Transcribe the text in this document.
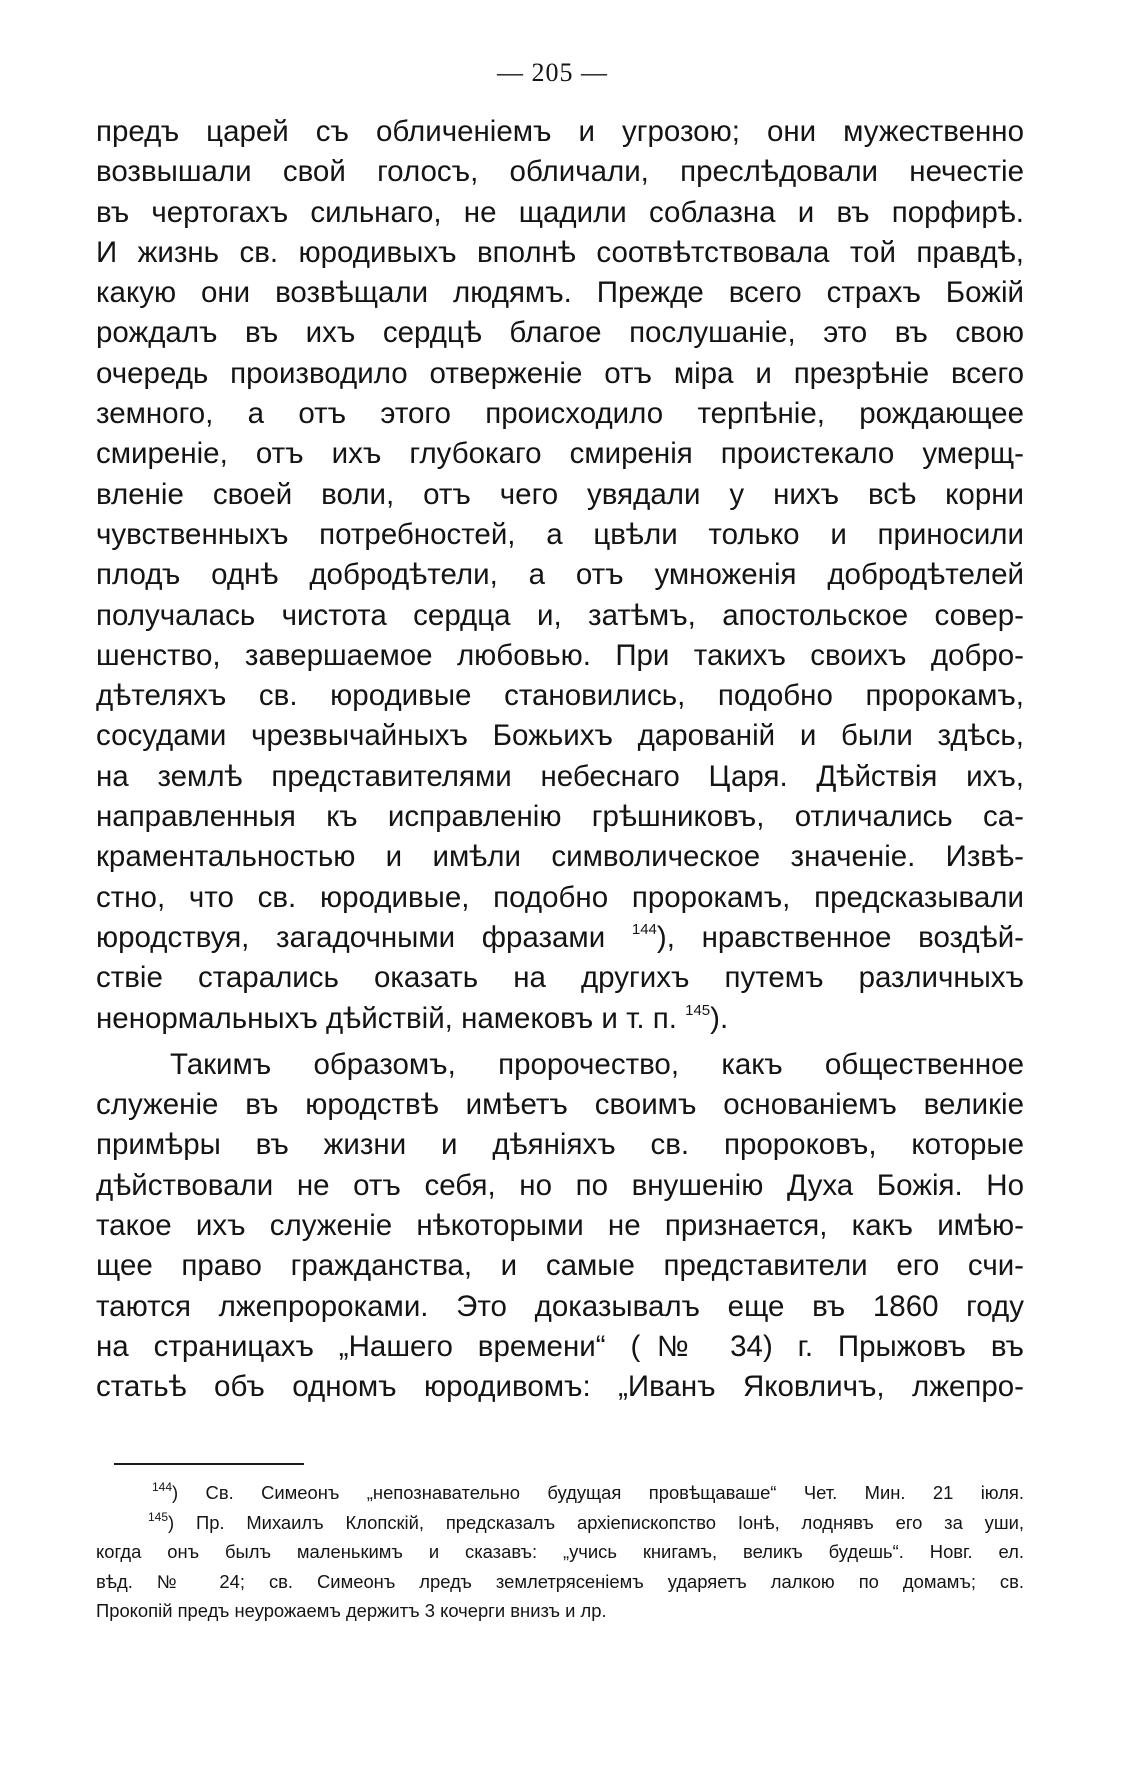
— 205 —
предъ царей съ обличеніемъ и угрозою; они мужественно
возвышали свой голосъ, обличали, преслѣдовали нечестіе
въ чертогахъ сильнаго, не щадили соблазна и въ порфирѣ.
И жизнь св. юродивыхъ вполнѣ соотвѣтствовала той правдѣ,
какую они возвѣщали людямъ. Прежде всего страхъ Божій
рождалъ въ ихъ сердцѣ благое послушаніе, это въ свою
очередь производило отверженіе отъ міра и презрѣніе всего
земного, а отъ этого происходило терпѣніе, рождающее
смиреніе, отъ ихъ глубокаго смиренія проистекало умерщ-
вленіе своей воли, отъ чего увядали у нихъ всѣ корни
чувственныхъ потребностей, а цвѣли только и приносили
плодъ однѣ добродѣтели, а отъ умноженія добродѣтелей
получалась чистота сердца и, затѣмъ, апостольское совер-
шенство, завершаемое любовью. При такихъ своихъ добро-
дѣтеляхъ св. юродивые становились, подобно пророкамъ,
сосудами чрезвычайныхъ Божьихъ дарованій и были здѣсь,
на землѣ представителями небеснаго Царя. Дѣйствія ихъ,
направленныя къ исправленію грѣшниковъ, отличались са-
краментальностью и имѣли символическое значеніе. Извѣ-
стно, что св. юродивые, подобно пророкамъ, предсказывали
юродствуя, загадочными фразами $^{144}$), нравственное воздѣй-
ствіе старались оказать на другихъ путемъ различныхъ
ненормальныхъ дѣйствій, намековъ и т. п. $^{145}$).
Такимъ образомъ, пророчество, какъ общественное
служеніе въ юродствѣ имѣетъ своимъ основаніемъ великіе
примѣры въ жизни и дѣяніяхъ св. пророковъ, которые
дѣйствовали не отъ себя, но по внушенію Духа Божія. Но
такое ихъ служеніе нѣкоторыми не признается, какъ имѣю-
щее право гражданства, и самые представители его счи-
таются лжепророками. Это доказывалъ еще въ 1860 году
на страницахъ „Нашего времени“ (№ 34) г. Прыжовъ въ
статьѣ объ одномъ юродивомъ: „Иванъ Яковличъ, лжепро-
$^{144}$) Св. Симеонъ „непознавательно будущая провѣщаваше“ Чет. Мин. 21 іюля.
$^{145}$) Пр. Михаилъ Клопскій, предсказалъ архіепископство Іонѣ, лоднявъ его за уши,
когда онъ былъ маленькимъ и сказавъ: „учись книгамъ, великъ будешь“. Новг. ел.
вѣд. № 24; св. Симеонъ лредъ землетрясеніемъ ударяетъ лалкою по домамъ; св.
Прокопій предъ неурожаемъ держитъ 3 кочерги внизъ и лр.
